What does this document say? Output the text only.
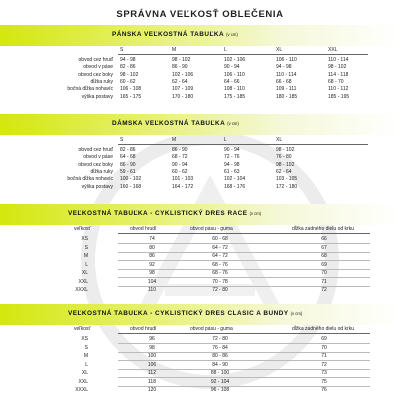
SPRÁVNA VEĽKOSŤ OBLEČENIA
PÁNSKA VEĽKOSTNÁ TABUĽKA (v cm)
S	M	L	XL	XXL
obvod cez hruď 94 - 98	98 - 102	102 - 106	106 - 110	110 - 114
obvod v páse 82 - 86	86 - 90	90 - 94	94 - 98	98 - 102
obvod cez boky 98 - 102	102 - 106	106 - 110	110 - 114	114 - 118
dĺžka ruky 60 - 62	62 - 64	64 - 66	66 - 68	68 - 70
bočná dĺžka nohavíc 106 - 108	107 - 109	108 - 110	109 - 111	110 - 112
výška postavy 165 - 175	170 - 180	175 - 185	180 - 185	185 - 195
DÁMSKA VEĽKOSTNÁ TABUĽKA (v cm)
S	M	L	XL
obvod cez hruď 82 - 86	86 - 90	90 - 94	98 - 102
obvod v páse 64 - 68	68 - 72	72 - 76	76 - 80
obvod cez boky 86 - 90	90 - 94	94 - 98	98 - 102
dĺžka ruky 59 - 61	60 - 62	61 - 63	62 - 64
bočná dĺžka nohavíc 100 - 102	101 - 103	102 - 104	103 - 105
výška postavy 160 - 168	164 - 172	168 - 176	172 - 180
VEĽKOSTNÁ TABUĽKA - CYKLISTICKÝ DRES RACE (v cm)
veľkosť	obvod hrudí	obvod pásu - guma	dĺžka zadného dielu od krku
XS	74	60 - 68	66
S	80	64 - 72	67
M	86	64 - 72	68
L	92	68 - 76	69
XL	98	68 - 76	70
XXL	104	70 - 78	71
XXXL	110	72 - 80	72
VEĽKOSTNÁ TABUĽKA - CYKLISTICKÝ DRES CLASIC A BUNDY (v cm)
veľkosť	obvod hrudí	obvod pásu - guma	dĺžka zadného dielu od krku
XS	96	72 - 80	69
S	98	76 - 84	70
M	100	80 - 86	71
L	106	84 - 90	72
XL	112	88 - 100	73
XXL	118	92 - 104	75
XXXL	120	96 - 108	76
